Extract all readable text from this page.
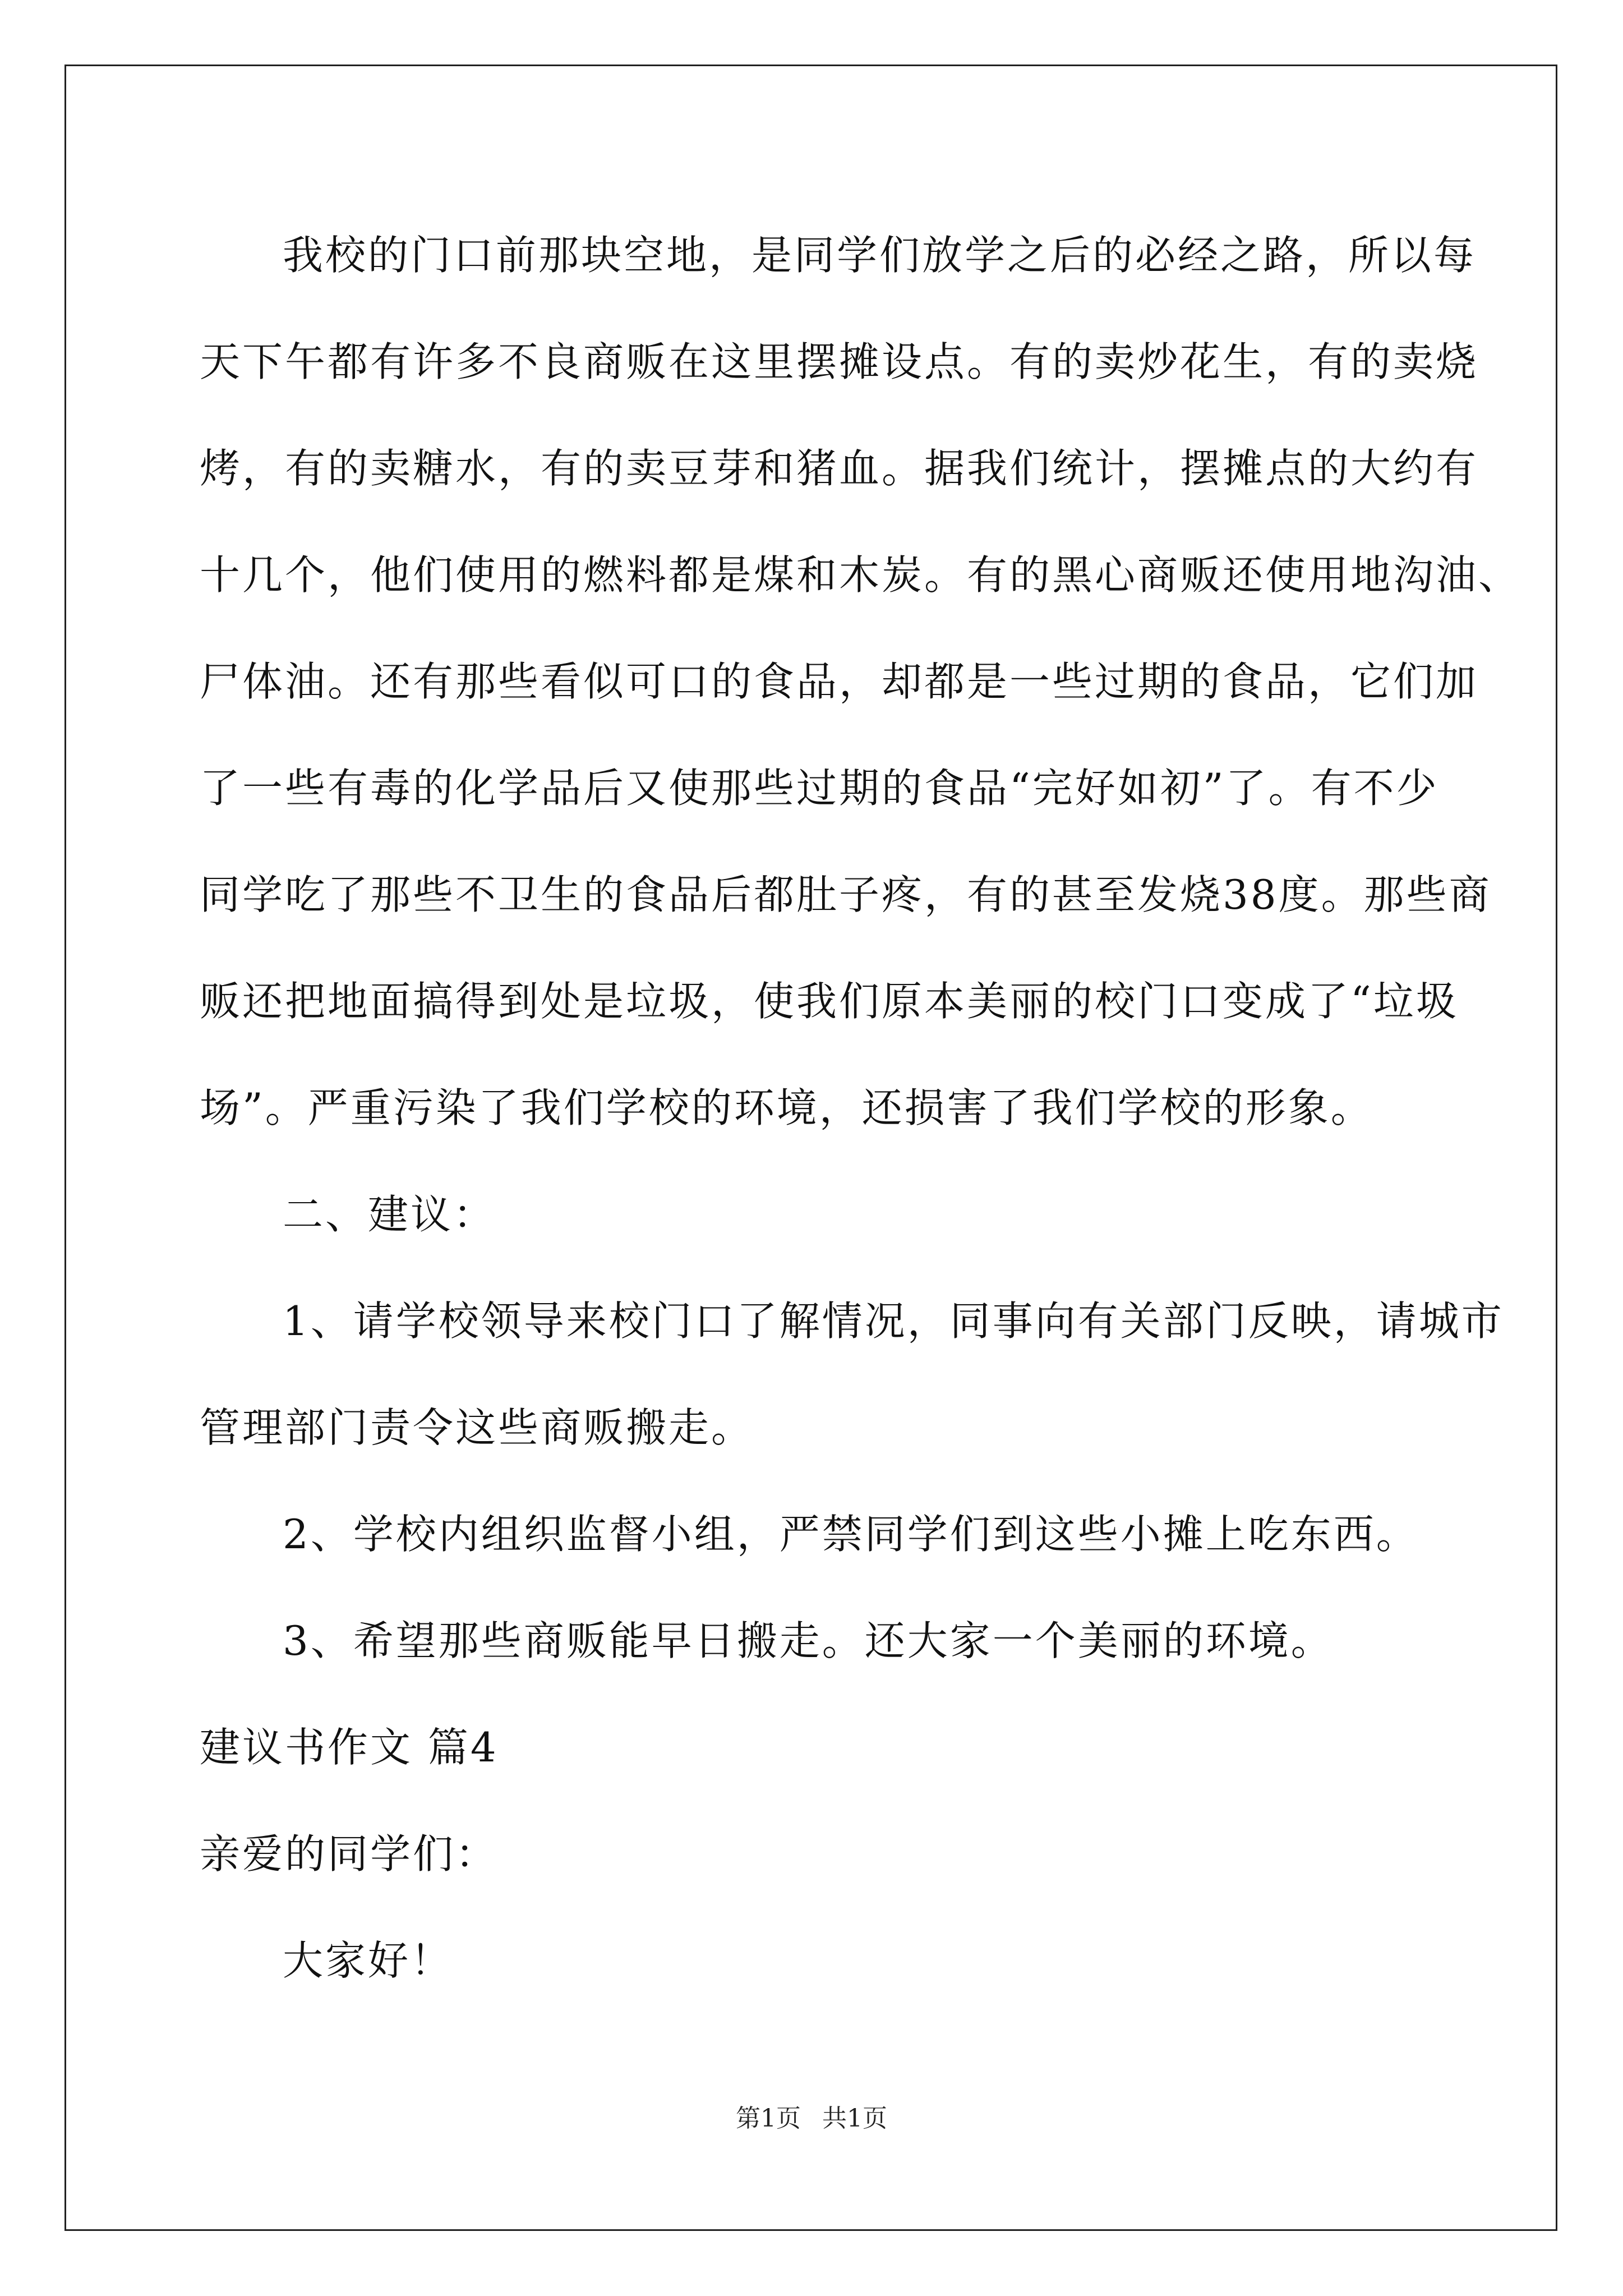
我校的门口前那块空地，是同学们放学之后的必经之路，所以每
天下午都有许多不良商贩在这里摆摊设点。有的卖炒花生，有的卖烧
烤，有的卖糖水，有的卖豆芽和猪血。据我们统计，摆摊点的大约有
十几个，他们使用的燃料都是煤和木炭。有的黑心商贩还使用地沟油、
尸体油。还有那些看似可口的食品，却都是一些过期的食品，它们加
了一些有毒的化学品后又使那些过期的食品“完好如初”了。有不少
同学吃了那些不卫生的食品后都肚子疼，有的甚至发烧38度。那些商
贩还把地面搞得到处是垃圾，使我们原本美丽的校门口变成了“垃圾
场”。严重污染了我们学校的环境，还损害了我们学校的形象。
二、建议：
1、请学校领导来校门口了解情况，同事向有关部门反映，请城市
管理部门责令这些商贩搬走。
2、学校内组织监督小组，严禁同学们到这些小摊上吃东西。
3、希望那些商贩能早日搬走。还大家一个美丽的环境。
建议书作文 篇4
亲爱的同学们：
大家好！
第1页 共1页
